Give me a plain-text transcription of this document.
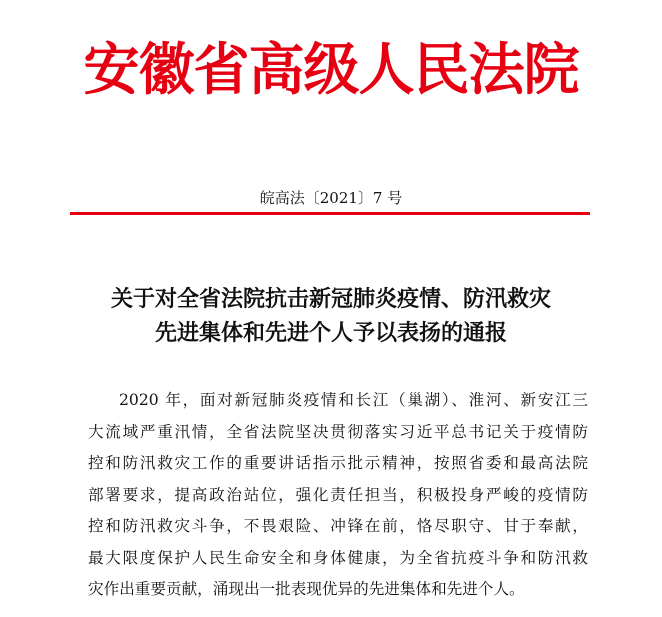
安徽省高级人民法院
皖高法〔2021〕7 号
关于对全省法院抗击新冠肺炎疫情、防汛救灾
先进集体和先进个人予以表扬的通报
2020 年，面对新冠肺炎疫情和长江（巢湖）、淮河、新安江三
大流域严重汛情，全省法院坚决贯彻落实习近平总书记关于疫情防
控和防汛救灾工作的重要讲话指示批示精神，按照省委和最高法院
部署要求，提高政治站位，强化责任担当，积极投身严峻的疫情防
控和防汛救灾斗争，不畏艰险、冲锋在前，恪尽职守、甘于奉献，
最大限度保护人民生命安全和身体健康，为全省抗疫斗争和防汛救
灾作出重要贡献，涌现出一批表现优异的先进集体和先进个人。
